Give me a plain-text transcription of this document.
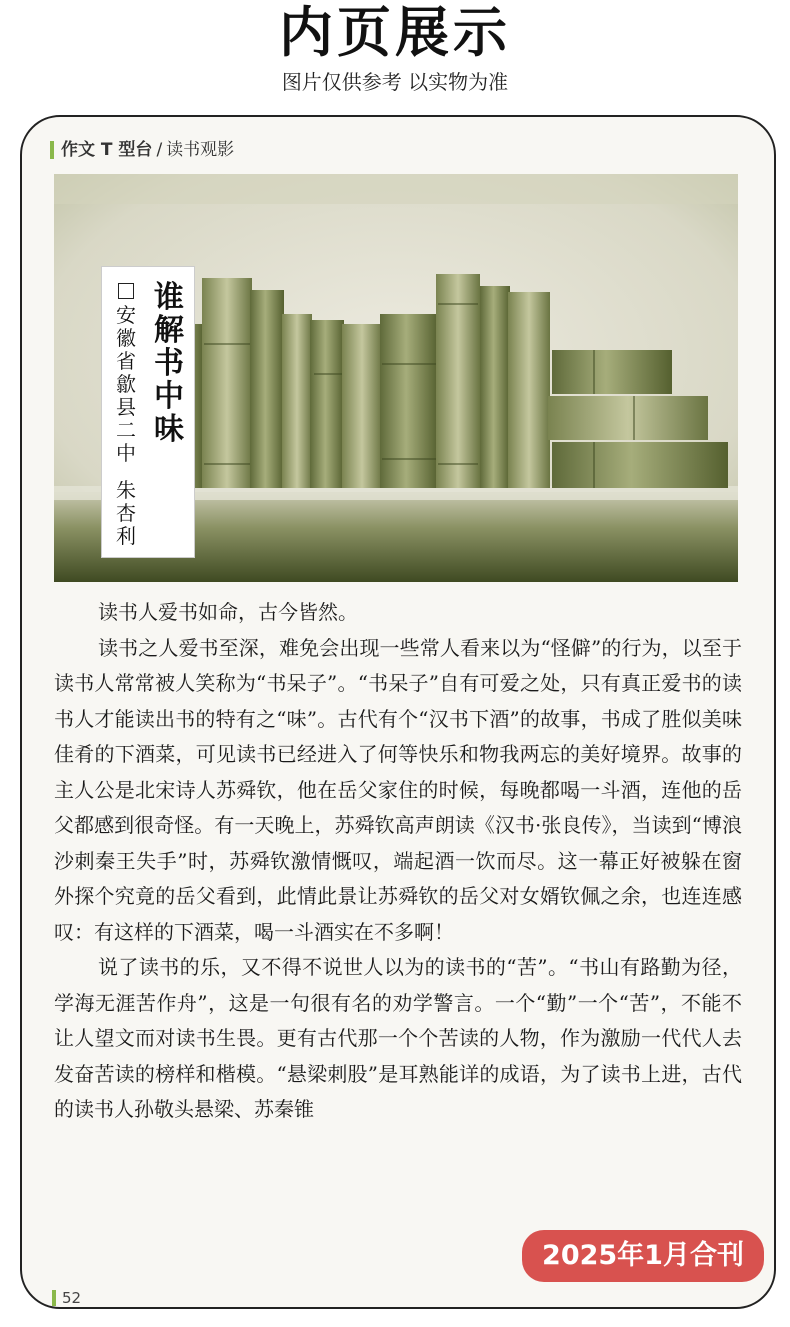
内页展示
图片仅供参考 以实物为准
作文 T 型台 / 读书观影
谁解书中味
安徽省歙县二中
朱杏利

读书人爱书如命，古今皆然。

读书之人爱书至深，难免会出现一些常人看来以为“怪僻”的行为，以至于读书人常常被人笑称为“书呆子”。“书呆子”自有可爱之处，只有真正爱书的读书人才能读出书的特有之“味”。古代有个“汉书下酒”的故事，书成了胜似美味佳肴的下酒菜，可见读书已经进入了何等快乐和物我两忘的美好境界。故事的主人公是北宋诗人苏舜钦，他在岳父家住的时候，每晚都喝一斗酒，连他的岳父都感到很奇怪。有一天晚上，苏舜钦高声朗读《汉书·张良传》，当读到“博浪沙刺秦王失手”时，苏舜钦激情慨叹，端起酒一饮而尽。这一幕正好被躲在窗外探个究竟的岳父看到，此情此景让苏舜钦的岳父对女婿钦佩之余，也连连感叹：有这样的下酒菜，喝一斗酒实在不多啊！

说了读书的乐，又不得不说世人以为的读书的“苦”。“书山有路勤为径，学海无涯苦作舟”，这是一句很有名的劝学警言。一个“勤”一个“苦”，不能不让人望文而对读书生畏。更有古代那一个个苦读的人物，作为激励一代代人去发奋苦读的榜样和楷模。“悬梁刺股”是耳熟能详的成语，为了读书上进，古代的读书人孙敬头悬梁、苏秦锥

52
2025年1月合刊
